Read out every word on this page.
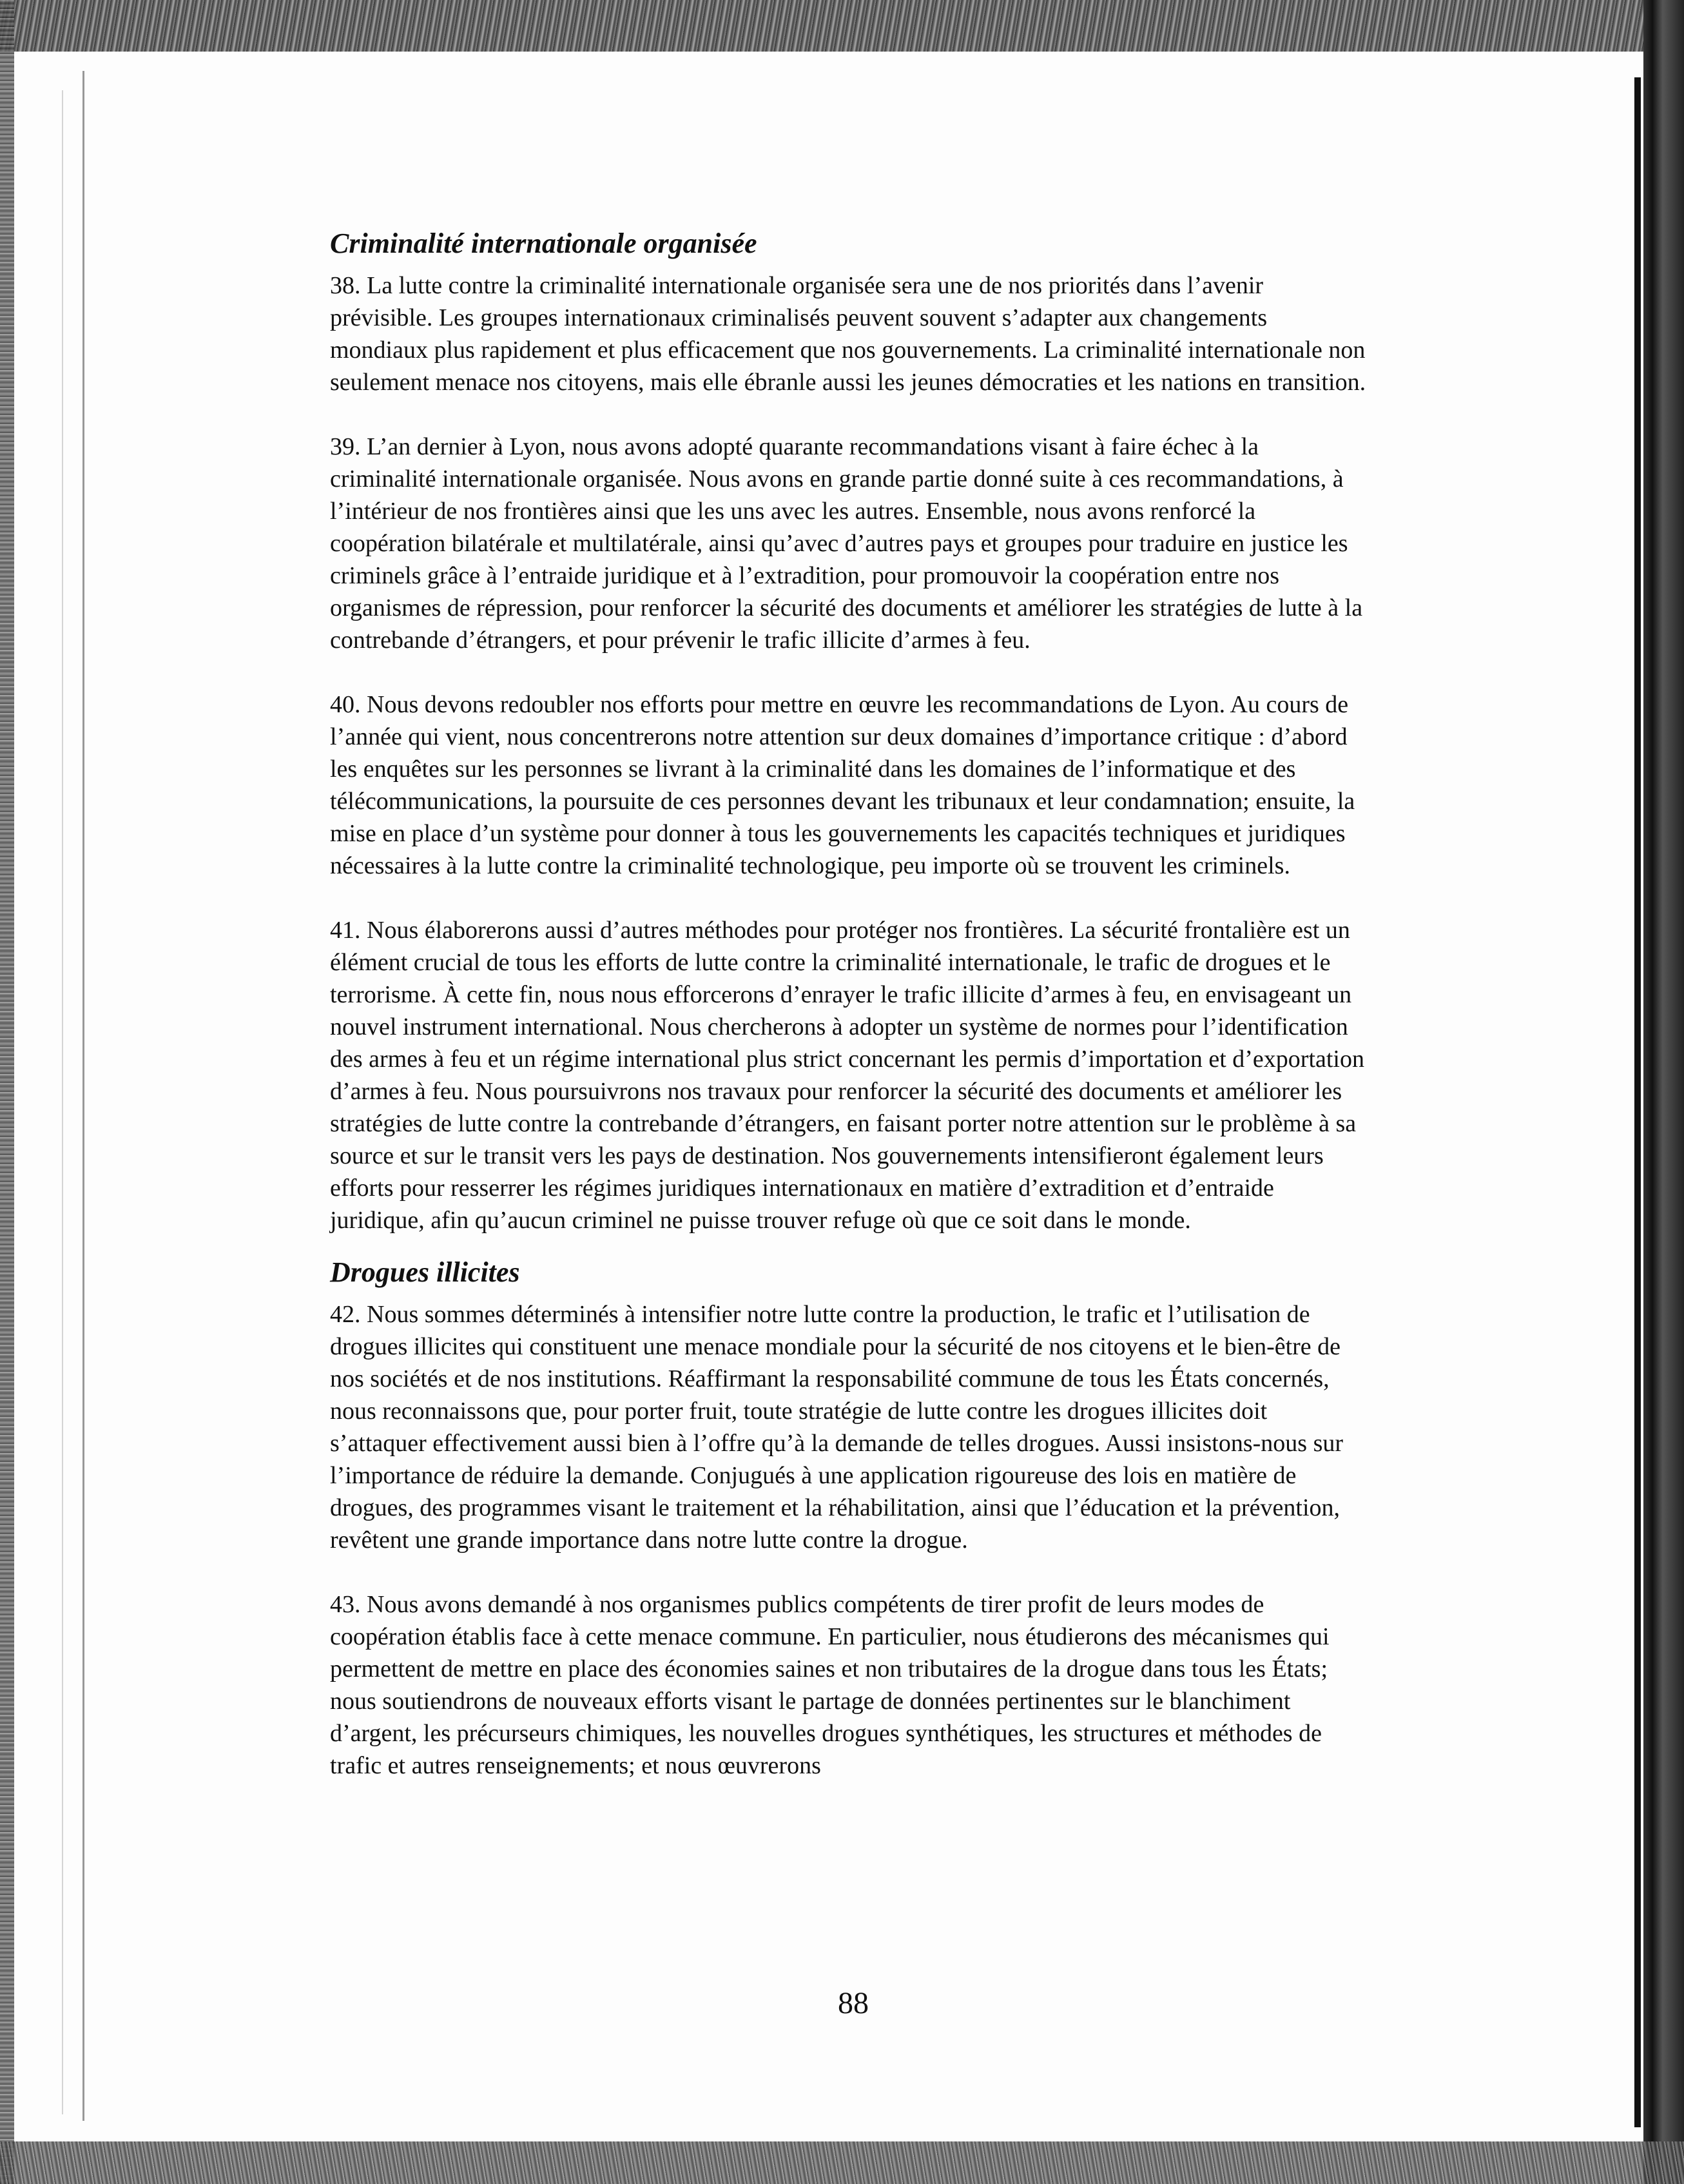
Criminalité internationale organisée

38. La lutte contre la criminalité internationale organisée sera une de nos priorités dans l’avenir prévisible. Les groupes internationaux criminalisés peuvent souvent s’adapter aux changements mondiaux plus rapidement et plus efficacement que nos gouvernements. La criminalité internationale non seulement menace nos citoyens, mais elle ébranle aussi les jeunes démocraties et les nations en transition.

39. L’an dernier à Lyon, nous avons adopté quarante recommandations visant à faire échec à la criminalité internationale organisée. Nous avons en grande partie donné suite à ces recommandations, à l’intérieur de nos frontières ainsi que les uns avec les autres. Ensemble, nous avons renforcé la coopération bilatérale et multilatérale, ainsi qu’avec d’autres pays et groupes pour traduire en justice les criminels grâce à l’entraide juridique et à l’extradition, pour promouvoir la coopération entre nos organismes de répression, pour renforcer la sécurité des documents et améliorer les stratégies de lutte à la contrebande d’étrangers, et pour prévenir le trafic illicite d’armes à feu.

40. Nous devons redoubler nos efforts pour mettre en œuvre les recommandations de Lyon. Au cours de l’année qui vient, nous concentrerons notre attention sur deux domaines d’importance critique : d’abord les enquêtes sur les personnes se livrant à la criminalité dans les domaines de l’informatique et des télécommunications, la poursuite de ces personnes devant les tribunaux et leur condamnation; ensuite, la mise en place d’un système pour donner à tous les gouvernements les capacités techniques et juridiques nécessaires à la lutte contre la criminalité technologique, peu importe où se trouvent les criminels.

41. Nous élaborerons aussi d’autres méthodes pour protéger nos frontières. La sécurité frontalière est un élément crucial de tous les efforts de lutte contre la criminalité internationale, le trafic de drogues et le terrorisme. À cette fin, nous nous efforcerons d’enrayer le trafic illicite d’armes à feu, en envisageant un nouvel instrument international. Nous chercherons à adopter un système de normes pour l’identification des armes à feu et un régime international plus strict concernant les permis d’importation et d’exportation d’armes à feu. Nous poursuivrons nos travaux pour renforcer la sécurité des documents et améliorer les stratégies de lutte contre la contrebande d’étrangers, en faisant porter notre attention sur le problème à sa source et sur le transit vers les pays de destination. Nos gouvernements intensifieront également leurs efforts pour resserrer les régimes juridiques internationaux en matière d’extradition et d’entraide juridique, afin qu’aucun criminel ne puisse trouver refuge où que ce soit dans le monde.

Drogues illicites

42. Nous sommes déterminés à intensifier notre lutte contre la production, le trafic et l’utilisation de drogues illicites qui constituent une menace mondiale pour la sécurité de nos citoyens et le bien-être de nos sociétés et de nos institutions. Réaffirmant la responsabilité commune de tous les États concernés, nous reconnaissons que, pour porter fruit, toute stratégie de lutte contre les drogues illicites doit s’attaquer effectivement aussi bien à l’offre qu’à la demande de telles drogues. Aussi insistons-nous sur l’importance de réduire la demande. Conjugués à une application rigoureuse des lois en matière de drogues, des programmes visant le traitement et la réhabilitation, ainsi que l’éducation et la prévention, revêtent une grande importance dans notre lutte contre la drogue.

43. Nous avons demandé à nos organismes publics compétents de tirer profit de leurs modes de coopération établis face à cette menace commune. En particulier, nous étudierons des mécanismes qui permettent de mettre en place des économies saines et non tributaires de la drogue dans tous les États; nous soutiendrons de nouveaux efforts visant le partage de données pertinentes sur le blanchiment d’argent, les précurseurs chimiques, les nouvelles drogues synthétiques, les structures et méthodes de trafic et autres renseignements; et nous œuvrerons

88
